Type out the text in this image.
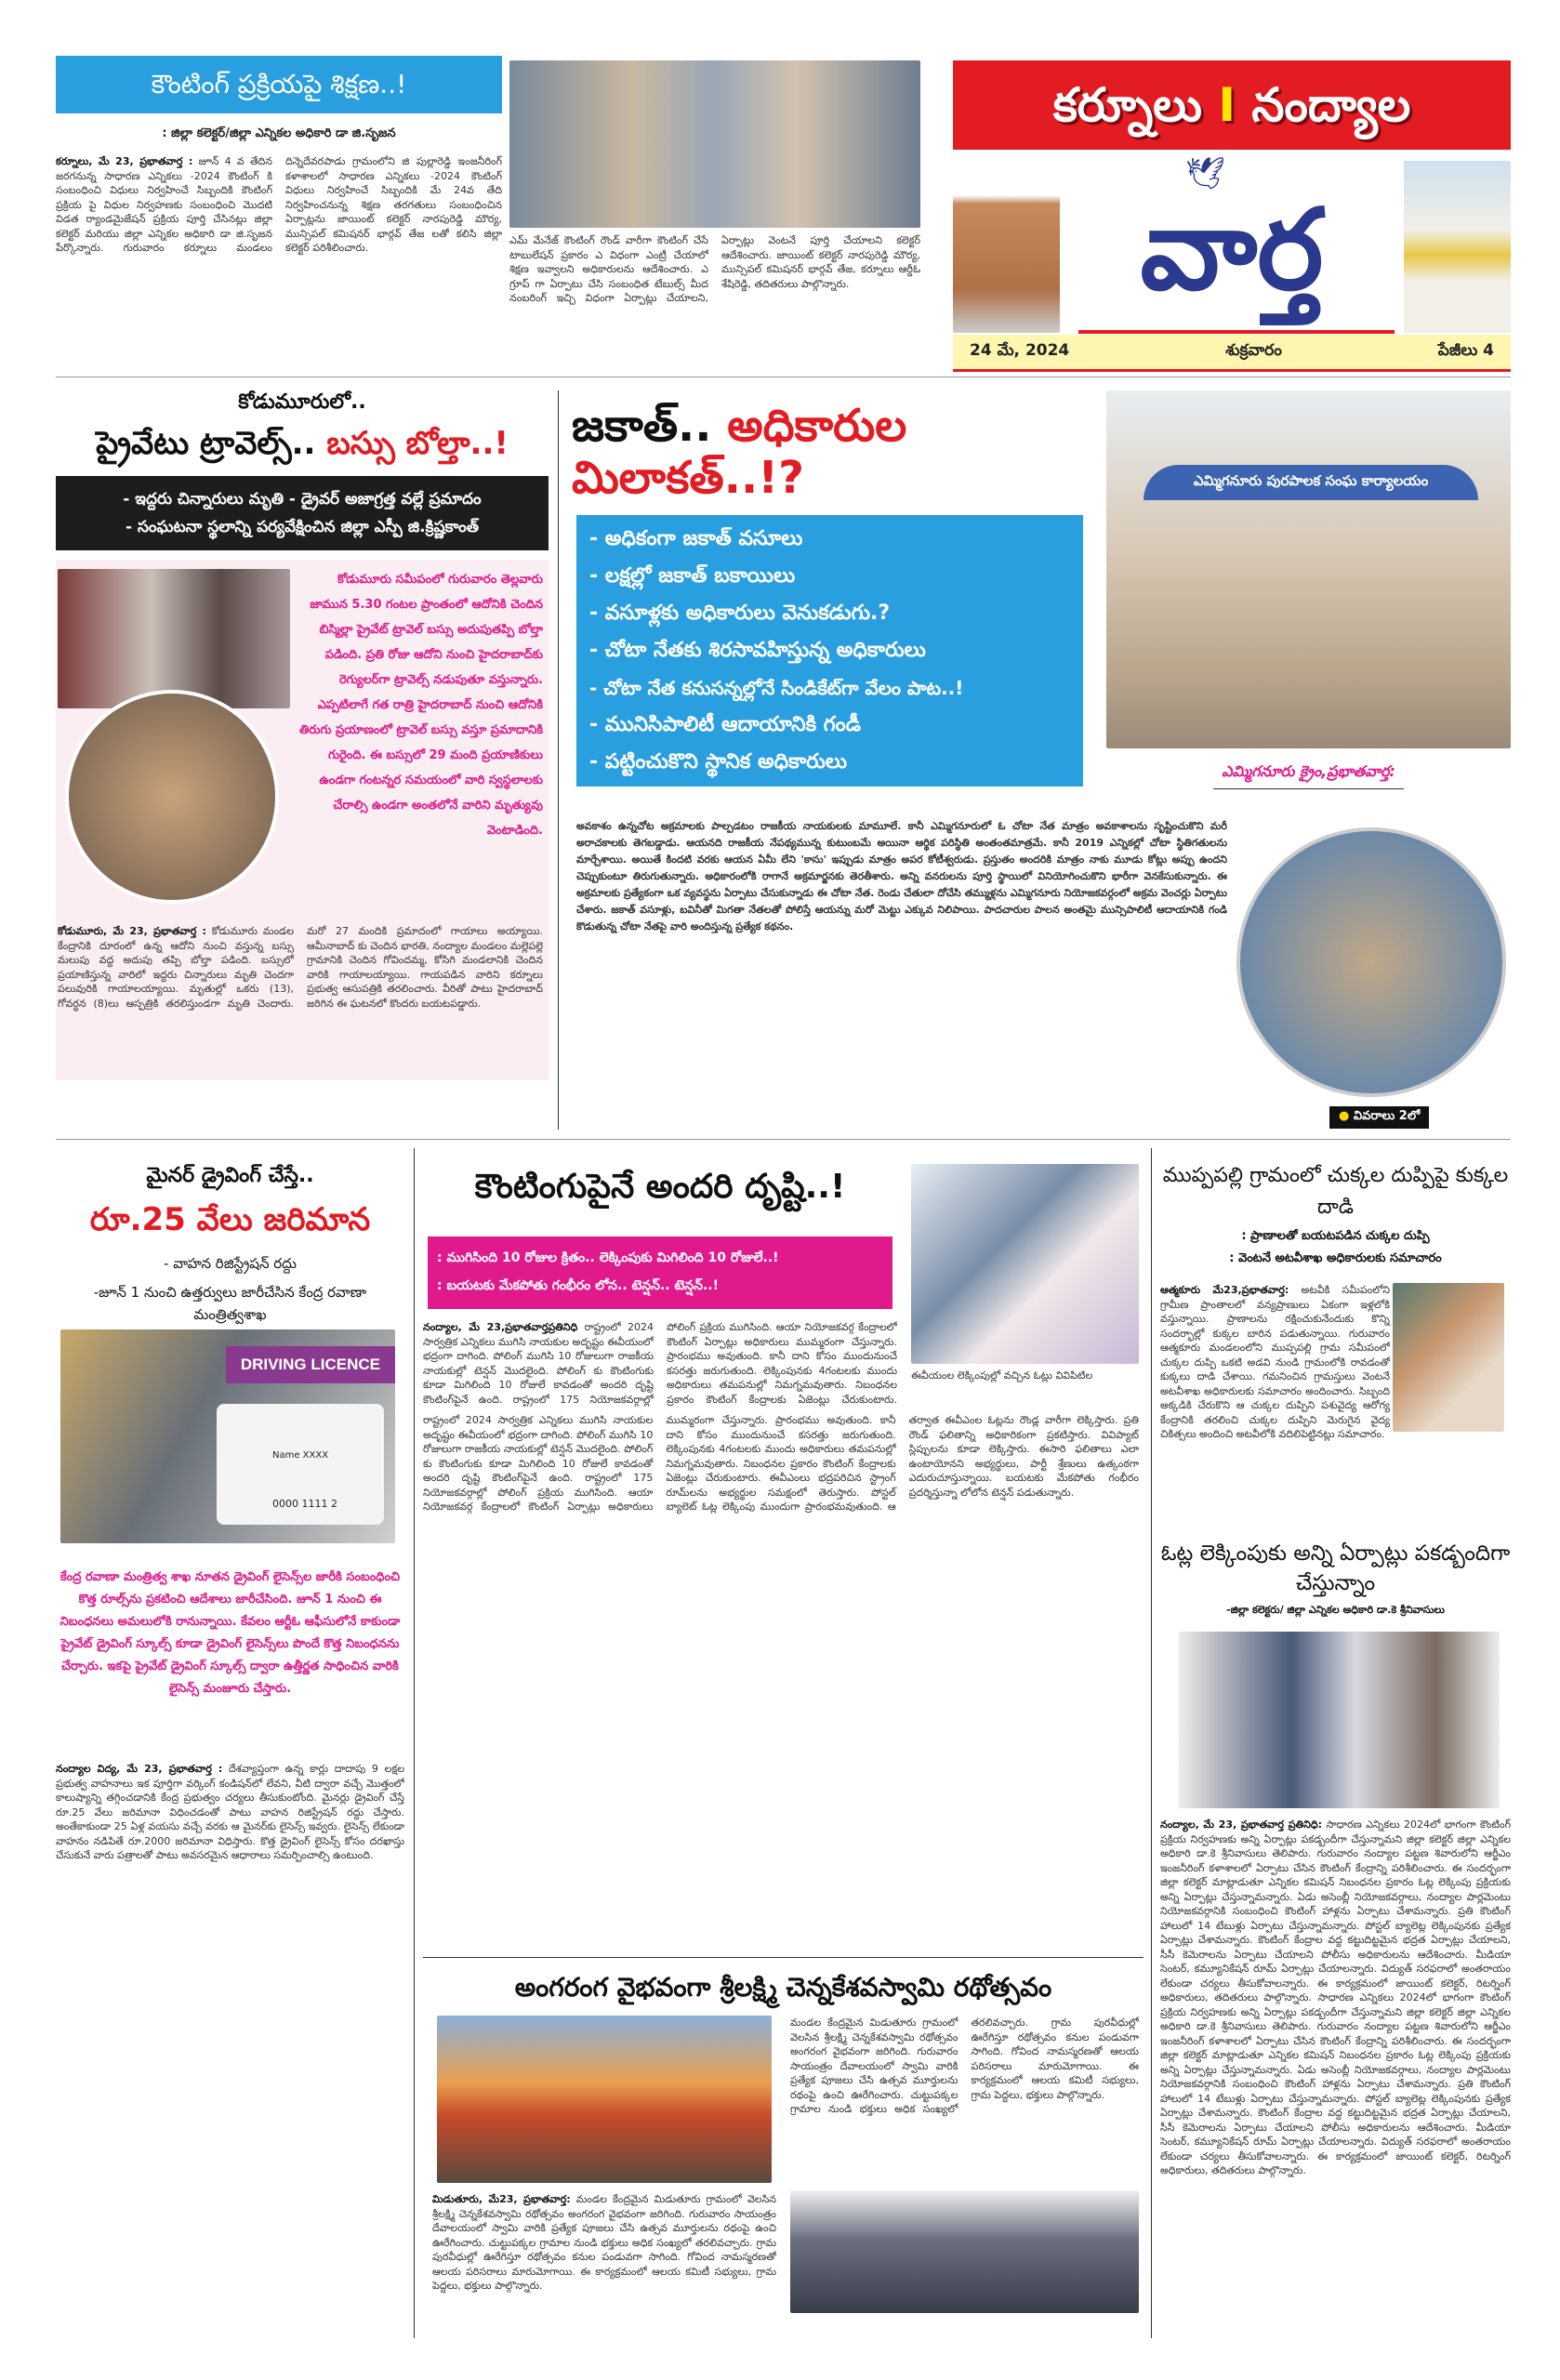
కౌంటింగ్ ప్రక్రియపై శిక్షణ..!
: జిల్లా కలెక్టర్/జిల్లా ఎన్నికల అధికారి డా జి.సృజన
కర్నూలు, మే 23, ప్రభాతవార్త : జూన్ 4 వ తేదిన జరగనున్న సాధారణ ఎన్నికలు -2024 కౌంటింగ్ కి సంబంధించి విధులు నిర్వహించే సిబ్బందికి కౌంటింగ్ ప్రక్రియ పై విధుల నిర్వహణకు సంబంధించి మొదటి విడత ర్యాండమైజేషన్ ప్రక్రియ పూర్తి చేసినట్లు జిల్లా కలెక్టర్ మరియు జిల్లా ఎన్నికల అధికారి డా జి.సృజన పేర్కొన్నారు. గురువారం కర్నూలు మండలం దిన్నెదేవరపాడు గ్రామంలోని జి పుల్లారెడ్డి ఇంజనీరింగ్ కళాశాలలో సాధారణ ఎన్నికలు -2024 కౌంటింగ్ విధులు నిర్వహించే సిబ్బందికి మే 24వ తేది నిర్వహించనున్న శిక్షణ తరగతులు సంబంధించిన ఏర్పాట్లను జాయింట్ కలెక్టర్ నారపురెడ్డి మౌర్య, మున్సిపల్ కమిషనర్ భార్గవ్ తేజ లతో కలిసి జిల్లా కలెక్టర్ పరిశీలించారు.
ఎమ్ మేనేజ్ కౌంటింగ్ రౌండ్ వారీగా కౌంటింగ్ చేసే టాబులేషన్ ప్రకారం ఎ విధంగా ఎంట్రీ చేయాలో శిక్షణ ఇవ్వాలని అధికారులను ఆదేశించారు. ఎ గ్రూప్ గా ఏర్పాటు చేసి సంబంధిత టేబుల్స్ మీద నంబరింగ్ ఇచ్చి విధంగా ఏర్పాట్లు చేయాలని, ఏర్పాట్లు వెంటనే పూర్తి చేయాలని కలెక్టర్ ఆదేశించారు. జాయింట్ కలెక్టర్ నారపురెడ్డి మౌర్య, మున్సిపల్ కమిషనర్ భార్గవ్ తేజ, కర్నూలు ఆర్డీఓ శేషిరెడ్డి, తదితరులు పాల్గొన్నారు.
కర్నూలు I నంద్యాల
🕊
వార్త
24 మే, 2024	శుక్రవారం	పేజీలు 4
కోడుమూరులో..
ప్రైవేటు ట్రావెల్స్.. బస్సు బోల్తా..!
- ఇద్దరు చిన్నారులు మృతి - డ్రైవర్ అజాగ్రత్త వల్లే ప్రమాదం
- సంఘటనా స్థలాన్ని పర్యవేక్షించిన జిల్లా ఎస్పీ జి.క్రిష్ణకాంత్
కోడుమూరు సమీపంలో గురువారం తెల్లవారు జామున 5.30 గంటల ప్రాంతంలో ఆదోనికి చెందిన బిస్మిల్లా ప్రైవేట్ ట్రావెల్ బస్సు అదుపుతప్పి బోల్తా పడింది. ప్రతి రోజు ఆదోని నుంచి హైదరాబాద్‌కు రెగ్యులర్‌గా ట్రావెల్స్ నడుపుతూ వస్తున్నారు. ఎప్పటిలాగే గత రాత్రి హైదరాబాద్ నుంచి ఆదోనికి తిరుగు ప్రయాణంలో ట్రావెల్ బస్సు వస్తూ ప్రమాదానికి గురైంది. ఈ బస్సులో 29 మంది ప్రయాణికులు ఉండగా గంటన్నర సమయంలో వారి స్వస్థలాలకు చేరాల్సి ఉండగా అంతలోనే వారిని మృత్యువు వెంటాడింది.
కోడుమూరు, మే 23, ప్రభాతవార్త : కోడుమూరు మండల కేంద్రానికి దూరంలో ఉన్న ఆదోని నుంచి వస్తున్న బస్సు మలుపు వద్ద అదుపు తప్పి బోల్తా పడింది. బస్సులో ప్రయాణిస్తున్న వారిలో ఇద్దరు చిన్నారులు మృతి చెందగా పలువురికి గాయాలయ్యాయి. మృతుల్లో ఒకరు (13), గోవర్ధన (8)లు ఆస్పత్రికి తరలిస్తుండగా మృతి చెందారు. మరో 27 మందికి ప్రమాదంలో గాయాలు అయ్యాయి. ఆమీనాబాద్ కు చెందిన భారతి, నంద్యాల మండలం మల్లెపల్లె గ్రామానికి చెందిన గోవిందమ్మ, కోసిగి మండలానికి చెందిన వారికి గాయాలయ్యాయి. గాయపడిన వారిని కర్నూలు ప్రభుత్వ ఆసుపత్రికి తరలించారు. వీరితో పాటు హైదరాబాద్ జరిగిన ఈ ఘటనలో కొందరు బయటపడ్డారు.
జకాత్.. అధికారుల మిలాకత్..!?
- అధికంగా జకాత్ వసూలు
- లక్షల్లో జకాత్ బకాయిలు
- వసూళ్లకు అధికారులు వెనుకడుగు.?
- చోటా నేతకు శిరసావహిస్తున్న అధికారులు
- చోటా నేత కనుసన్నల్లోనే సిండికేట్‌గా వేలం పాట..!
- మునిసిపాలిటీ ఆదాయానికి గండీ
- పట్టించుకొని స్థానిక అధికారులు
ఎమ్మిగనూరు పురపాలక సంఘ కార్యాలయం
ఎమ్మిగనూరు క్రైం,ప్రభాతవార్త:
అవకాశం ఉన్నచోట అక్రమాలకు పాల్పడటం రాజకీయ నాయకులకు మామూలే. కానీ ఎమ్మిగనూరులో ఓ చోటా నేత మాత్రం అవకాశాలను సృష్టించుకొని మరీ అరాచకాలకు తెగబడ్డాడు. ఆయనది రాజకీయ నేపథ్యమున్న కుటుంబమే అయినా ఆర్థిక పరిస్థితి అంతంతమాత్రమే. కానీ 2019 ఎన్నికల్లో చోటా స్థితిగతులను మార్చేశాయి. అయితే కిందటి వరకు ఆయన ఏమీ లేని 'కాసు' ఇప్పుడు మాత్రం అపర కోటీశ్వరుడు. ప్రస్తుతం అందరికి మాత్రం నాకు మూడు కోట్లు అప్పు ఉందని చెప్పుకుంటూ తిరుగుతున్నారు. అధికారంలోకి రాగానే అక్రమార్జనకు తెరతీశారు. అన్ని వనరులను పూర్తి స్థాయిలో వినియోగించుకొని భారీగా వెనకేసుకున్నారు. ఈ అక్రమాలకు ప్రత్యేకంగా ఒక వ్యవస్థను ఏర్పాటు చేసుకున్నాడు ఈ చోటా నేత. రెండు చేతులా దోచేసి తమ్ముళ్లను ఎమ్మిగనూరు నియోజకవర్గంలో అక్రమ వెంచర్లు ఏర్పాటు చేశారు. జకాత్ వసూళ్లు, బవినీతో మిగతా నేతలతో పోలిస్తే ఆయన్ను మరో మెట్టు ఎక్కువ నిలిపాయి. పాదచారుల పాలన అంతమై మున్సిపాలిటీ ఆదాయానికి గండి కొడుతున్న చోటా నేతపై వారి అందిస్తున్న ప్రత్యేక కథనం.
● వివరాలు 2లో
మైనర్ డ్రైవింగ్ చేస్తే..
రూ.25 వేలు జరిమాన
- వాహన రిజిస్ట్రేషన్ రద్దు
-జూన్ 1 నుంచి ఉత్తర్వులు జారీచేసిన కేంద్ర రవాణా మంత్రిత్వశాఖ
DRIVING LICENCE
Name XXXX
0000 1111 2
కేంద్ర రవాణా మంత్రిత్వ శాఖ నూతన డ్రైవింగ్ లైసెన్స్‌ల జారీకి సంబంధించి కొత్త రూల్స్‌ను ప్రకటించి ఆదేశాలు జారీచేసింది. జూన్ 1 నుంచి ఈ నిబంధనలు అమలులోకి రానున్నాయి. కేవలం ఆర్టీఓ ఆఫీసులోనే కాకుండా ప్రైవేట్ డ్రైవింగ్ స్కూల్స్ కూడా డ్రైవింగ్ లైసెన్స్‌లు పొందే కొత్త నిబంధనను చేర్చారు. ఇకపై ప్రైవేట్ డ్రైవింగ్ స్కూల్స్ ద్వారా ఉత్తీర్ణత సాధించిన వారికి లైసెన్స్ మంజూరు చేస్తారు.
నంద్యాల విద్య, మే 23, ప్రభాతవార్త : దేశవ్యాప్తంగా ఉన్న కార్లు దాదాపు 9 లక్షల ప్రభుత్వ వాహనాలు ఇక పూర్తిగా వర్కింగ్ కండిషన్‌లో లేవని, వీటి ద్వారా వచ్చే మొత్తంలో కాలుష్యాన్ని తగ్గించడానికి కేంద్ర ప్రభుత్వం చర్యలు తీసుకుంటోంది. మైనర్లు డ్రైవింగ్ చేస్తే రూ.25 వేలు జరిమానా విధించడంతో పాటు వాహన రిజిస్ట్రేషన్ రద్దు చేస్తారు. అంతేకాకుండా 25 ఏళ్ల వయసు వచ్చే వరకు ఆ మైనర్‌కు లైసెన్స్ ఇవ్వరు. లైసెన్స్ లేకుండా వాహనం నడిపితే రూ.2000 జరిమానా విధిస్తారు. కొత్త డ్రైవింగ్ లైసెన్స్ కోసం దరఖాస్తు చేసుకునే వారు పత్రాలతో పాటు అవసరమైన ఆధారాలు సమర్పించాల్సి ఉంటుంది.
కౌంటింగుపైనే అందరి దృష్టి..!
: ముగిసింది 10 రోజుల క్రితం.. లెక్కింపుకు మిగిలింది 10 రోజులే..!
: బయటకు మేకపోతు గంభీరం లోన.. టెన్షన్.. టెన్షన్..!
ఈవీయంల లెక్కింపుల్లో వచ్చిన ఓట్లు వివిపిటిల
నంద్యాల, మే 23,ప్రభాతవార్తప్రతినిధి రాష్ట్రంలో 2024 సార్వత్రిక ఎన్నికలు ముగిసి నాయకుల అదృష్టం ఈవీయంలో భద్రంగా దాగింది. పోలింగ్ ముగిసి 10 రోజులుగా రాజకీయ నాయకుల్లో టెన్షన్ మొదలైంది. పోలింగ్ కు కౌంటింగుకు కూడా మిగిలింది 10 రోజులే కావడంతో అందరి దృష్టి కౌంటింగ్‌పైనే ఉంది. రాష్ట్రంలో 175 నియోజకవర్గాల్లో పోలింగ్ ప్రక్రియ ముగిసింది. ఆయా నియోజకవర్గ కేంద్రాలలో కౌంటింగ్ ఏర్పాట్లు అధికారులు ముమ్మరంగా చేస్తున్నారు. ప్రారంభము అవుతుంది. కానీ దాని కోసం ముందునుంచే కసరత్తు జరుగుతుంది. లెక్కింపునకు 4గంటలకు ముందు అధికారులు తమపనుల్లో నిమగ్నమవుతారు. నిబంధనల ప్రకారం కౌంటింగ్ కేంద్రాలకు ఏజెంట్లు చేరుకుంటారు.
రాష్ట్రంలో 2024 సార్వత్రిక ఎన్నికలు ముగిసి నాయకుల అదృష్టం ఈవీయంలో భద్రంగా దాగింది. పోలింగ్ ముగిసి 10 రోజులుగా రాజకీయ నాయకుల్లో టెన్షన్ మొదలైంది. పోలింగ్ కు కౌంటింగుకు కూడా మిగిలింది 10 రోజులే కావడంతో అందరి దృష్టి కౌంటింగ్‌పైనే ఉంది. రాష్ట్రంలో 175 నియోజకవర్గాల్లో పోలింగ్ ప్రక్రియ ముగిసింది. ఆయా నియోజకవర్గ కేంద్రాలలో కౌంటింగ్ ఏర్పాట్లు అధికారులు ముమ్మరంగా చేస్తున్నారు. ప్రారంభము అవుతుంది. కానీ దాని కోసం ముందునుంచే కసరత్తు జరుగుతుంది. లెక్కింపునకు 4గంటలకు ముందు అధికారులు తమపనుల్లో నిమగ్నమవుతారు. నిబంధనల ప్రకారం కౌంటింగ్ కేంద్రాలకు ఏజెంట్లు చేరుకుంటారు. ఈవీఎంలు భద్రపరిచిన స్ట్రాంగ్ రూమ్‌లను అభ్యర్థుల సమక్షంలో తెరుస్తారు. పోస్టల్ బ్యాలెట్ ఓట్ల లెక్కింపు ముందుగా ప్రారంభమవుతుంది. ఆ తర్వాత ఈవీఎంల ఓట్లను రౌండ్ల వారీగా లెక్కిస్తారు. ప్రతి రౌండ్ ఫలితాన్ని అధికారికంగా ప్రకటిస్తారు. వివిప్యాట్ స్లిప్పులను కూడా లెక్కిస్తారు. ఈసారి ఫలితాలు ఎలా ఉంటాయోనని అభ్యర్థులు, పార్టీ శ్రేణులు ఉత్కంఠగా ఎదురుచూస్తున్నాయి. బయటకు మేకపోతు గంభీరం ప్రదర్శిస్తున్నా లోలోన టెన్షన్ పడుతున్నారు.
అంగరంగ వైభవంగా శ్రీలక్ష్మి చెన్నకేశవస్వామి రథోత్సవం
మిడుతూరు, మే23, ప్రభాతవార్త: మండల కేంద్రమైన మిడుతూరు గ్రామంలో వెలసిన శ్రీలక్ష్మి చెన్నకేశవస్వామి రథోత్సవం అంగరంగ వైభవంగా జరిగింది. గురువారం సాయంత్రం దేవాలయంలో స్వామి వారికి ప్రత్యేక పూజలు చేసి ఉత్సవ మూర్తులను రథంపై ఉంచి ఊరేగించారు. చుట్టుపక్కల గ్రామాల నుండి భక్తులు అధిక సంఖ్యలో తరలివచ్చారు. గ్రామ పురవీధుల్లో ఊరేగిస్తూ రథోత్సవం కనుల పండువగా సాగింది. గోవింద నామస్మరణతో ఆలయ పరిసరాలు మారుమోగాయి. ఈ కార్యక్రమంలో ఆలయ కమిటీ సభ్యులు, గ్రామ పెద్దలు, భక్తులు పాల్గొన్నారు.
మండల కేంద్రమైన మిడుతూరు గ్రామంలో వెలసిన శ్రీలక్ష్మి చెన్నకేశవస్వామి రథోత్సవం అంగరంగ వైభవంగా జరిగింది. గురువారం సాయంత్రం దేవాలయంలో స్వామి వారికి ప్రత్యేక పూజలు చేసి ఉత్సవ మూర్తులను రథంపై ఉంచి ఊరేగించారు. చుట్టుపక్కల గ్రామాల నుండి భక్తులు అధిక సంఖ్యలో తరలివచ్చారు. గ్రామ పురవీధుల్లో ఊరేగిస్తూ రథోత్సవం కనుల పండువగా సాగింది. గోవింద నామస్మరణతో ఆలయ పరిసరాలు మారుమోగాయి. ఈ కార్యక్రమంలో ఆలయ కమిటీ సభ్యులు, గ్రామ పెద్దలు, భక్తులు పాల్గొన్నారు.
ముప్పపల్లి గ్రామంలో చుక్కల దుప్పిపై కుక్కల దాడి
: ప్రాణాలతో బయటపడిన చుక్కల దుప్పి
: వెంటనే అటవీశాఖ అధికారులకు సమాచారం
ఆత్మకూరు మే23,ప్రభాతవార్త: అటవీకి సమీపంలోని గ్రామీణ ప్రాంతాలలో వన్యప్రాణులు ఏకంగా ఇళ్లలోకి వస్తున్నాయి. ప్రాణాలను రక్షించుకునేందుకు కొన్ని సందర్భాల్లో కుక్కల బారిన పడుతున్నాయి. గురువారం ఆత్మకూరు మండలంలోని ముప్పపల్లి గ్రామ సమీపంలో చుక్కల దుప్పి ఒకటి అడవి నుండి గ్రామంలోకి రావడంతో కుక్కలు దాడి చేశాయి. గమనించిన గ్రామస్తులు వెంటనే అటవీశాఖ అధికారులకు సమాచారం అందించారు. సిబ్బంది అక్కడికి చేరుకొని ఆ చుక్కల దుప్పిని పశువైద్య ఆరోగ్య కేంద్రానికి తరలించి చుక్కల దుప్పిని మెరుగైన వైద్య చికిత్సలు అందించి అటవీలోకి వదిలిపెట్టినట్లు సమాచారం.
ఓట్ల లెక్కింపుకు అన్ని ఏర్పాట్లు పకడ్బందిగా చేస్తున్నాం
-జిల్లా కలెక్టరు/ జిల్లా ఎన్నికల అధికారి డా.కె శ్రీనివాసులు
నంద్యాల, మే 23, ప్రభాతవార్త ప్రతినిధి: సాధారణ ఎన్నికలు 2024లో భాగంగా కౌంటింగ్ ప్రక్రియ నిర్వహణకు అన్ని ఏర్పాట్లు పకడ్బందీగా చేస్తున్నామని జిల్లా కలెక్టర్ జిల్లా ఎన్నికల అధికారి డా.కె శ్రీనివాసులు తెలిపారు. గురువారం నంద్యాల పట్టణ శివారులోని ఆర్జీఎం ఇంజనీరింగ్ కళాశాలలో ఏర్పాటు చేసిన కౌంటింగ్ కేంద్రాన్ని పరిశీలించారు. ఈ సందర్భంగా జిల్లా కలెక్టర్ మాట్లాడుతూ ఎన్నికల కమిషన్ నిబంధనల ప్రకారం ఓట్ల లెక్కింపు ప్రక్రియకు అన్ని ఏర్పాట్లు చేస్తున్నామన్నారు. ఏడు అసెంబ్లీ నియోజకవర్గాలు, నంద్యాల పార్లమెంటు నియోజకవర్గానికి సంబంధించి కౌంటింగ్ హాళ్లను ఏర్పాటు చేశామన్నారు. ప్రతి కౌంటింగ్ హాలులో 14 టేబుళ్లు ఏర్పాటు చేస్తున్నామన్నారు. పోస్టల్ బ్యాలెట్ల లెక్కింపునకు ప్రత్యేక ఏర్పాట్లు చేశామన్నారు. కౌంటింగ్ కేంద్రాల వద్ద కట్టుదిట్టమైన భద్రత ఏర్పాట్లు చేయాలని, సీసీ కెమెరాలను ఏర్పాటు చేయాలని పోలీసు అధికారులను ఆదేశించారు. మీడియా సెంటర్, కమ్యూనికేషన్ రూమ్ ఏర్పాట్లు చేయాలన్నారు. విద్యుత్ సరఫరాలో అంతరాయం లేకుండా చర్యలు తీసుకోవాలన్నారు. ఈ కార్యక్రమంలో జాయింట్ కలెక్టర్, రిటర్నింగ్ అధికారులు, తదితరులు పాల్గొన్నారు. సాధారణ ఎన్నికలు 2024లో భాగంగా కౌంటింగ్ ప్రక్రియ నిర్వహణకు అన్ని ఏర్పాట్లు పకడ్బందీగా చేస్తున్నామని జిల్లా కలెక్టర్ జిల్లా ఎన్నికల అధికారి డా.కె శ్రీనివాసులు తెలిపారు. గురువారం నంద్యాల పట్టణ శివారులోని ఆర్జీఎం ఇంజనీరింగ్ కళాశాలలో ఏర్పాటు చేసిన కౌంటింగ్ కేంద్రాన్ని పరిశీలించారు. ఈ సందర్భంగా జిల్లా కలెక్టర్ మాట్లాడుతూ ఎన్నికల కమిషన్ నిబంధనల ప్రకారం ఓట్ల లెక్కింపు ప్రక్రియకు అన్ని ఏర్పాట్లు చేస్తున్నామన్నారు. ఏడు అసెంబ్లీ నియోజకవర్గాలు, నంద్యాల పార్లమెంటు నియోజకవర్గానికి సంబంధించి కౌంటింగ్ హాళ్లను ఏర్పాటు చేశామన్నారు. ప్రతి కౌంటింగ్ హాలులో 14 టేబుళ్లు ఏర్పాటు చేస్తున్నామన్నారు. పోస్టల్ బ్యాలెట్ల లెక్కింపునకు ప్రత్యేక ఏర్పాట్లు చేశామన్నారు. కౌంటింగ్ కేంద్రాల వద్ద కట్టుదిట్టమైన భద్రత ఏర్పాట్లు చేయాలని, సీసీ కెమెరాలను ఏర్పాటు చేయాలని పోలీసు అధికారులను ఆదేశించారు. మీడియా సెంటర్, కమ్యూనికేషన్ రూమ్ ఏర్పాట్లు చేయాలన్నారు. విద్యుత్ సరఫరాలో అంతరాయం లేకుండా చర్యలు తీసుకోవాలన్నారు. ఈ కార్యక్రమంలో జాయింట్ కలెక్టర్, రిటర్నింగ్ అధికారులు, తదితరులు పాల్గొన్నారు.
